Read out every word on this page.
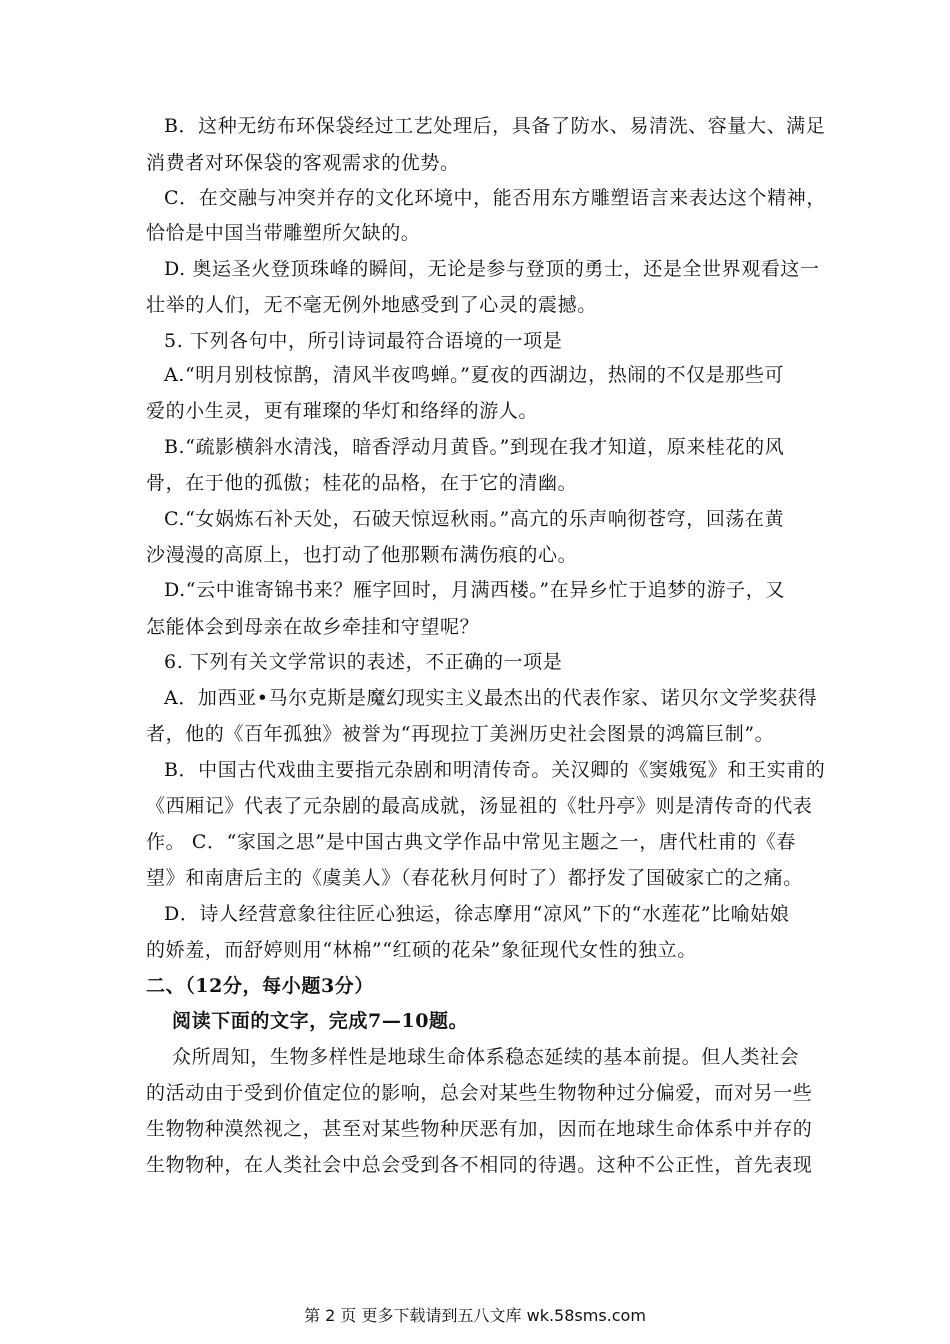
B．这种无纺布环保袋经过工艺处理后，具备了防水、易清洗、容量大、满足
消费者对环保袋的客观需求的优势。
C．在交融与冲突并存的文化环境中，能否用东方雕塑语言来表达这个精神，
恰恰是中国当带雕塑所欠缺的。
D. 奥运圣火登顶珠峰的瞬间，无论是参与登顶的勇士，还是全世界观看这一
壮举的人们，无不毫无例外地感受到了心灵的震撼。
5. 下列各句中，所引诗词最符合语境的一项是
A.“明月别枝惊鹊，清风半夜鸣蝉。”夏夜的西湖边，热闹的不仅是那些可
爱的小生灵，更有璀璨的华灯和络绎的游人。
B.“疏影横斜水清浅，暗香浮动月黄昏。”到现在我才知道，原来桂花的风
骨，在于他的孤傲；桂花的品格，在于它的清幽。
C.“女娲炼石补天处，石破天惊逗秋雨。”高亢的乐声响彻苍穹，回荡在黄
沙漫漫的高原上，也打动了他那颗布满伤痕的心。
D.“云中谁寄锦书来？雁字回时，月满西楼。”在异乡忙于追梦的游子，又
怎能体会到母亲在故乡牵挂和守望呢？
6. 下列有关文学常识的表述，不正确的一项是
A．加西亚•马尔克斯是魔幻现实主义最杰出的代表作家、诺贝尔文学奖获得
者，他的《百年孤独》被誉为“再现拉丁美洲历史社会图景的鸿篇巨制”。
B．中国古代戏曲主要指元杂剧和明清传奇。关汉卿的《窦娥冤》和王实甫的
《西厢记》代表了元杂剧的最高成就，汤显祖的《牡丹亭》则是清传奇的代表
作。 C．“家国之思”是中国古典文学作品中常见主题之一，唐代杜甫的《春
望》和南唐后主的《虞美人》（春花秋月何时了）都抒发了国破家亡的之痛。
D．诗人经营意象往往匠心独运，徐志摩用“凉风”下的“水莲花”比喻姑娘
的娇羞，而舒婷则用“林棉”“红硕的花朵”象征现代女性的独立。
二、（12分，每小题3分）
阅读下面的文字，完成7—10题。
众所周知，生物多样性是地球生命体系稳态延续的基本前提。但人类社会
的活动由于受到价值定位的影响，总会对某些生物物种过分偏爱，而对另一些
生物物种漠然视之，甚至对某些物种厌恶有加，因而在地球生命体系中并存的
生物物种，在人类社会中总会受到各不相同的待遇。这种不公正性，首先表现
第 2 页 更多下载请到五八文库 wk.58sms.com
